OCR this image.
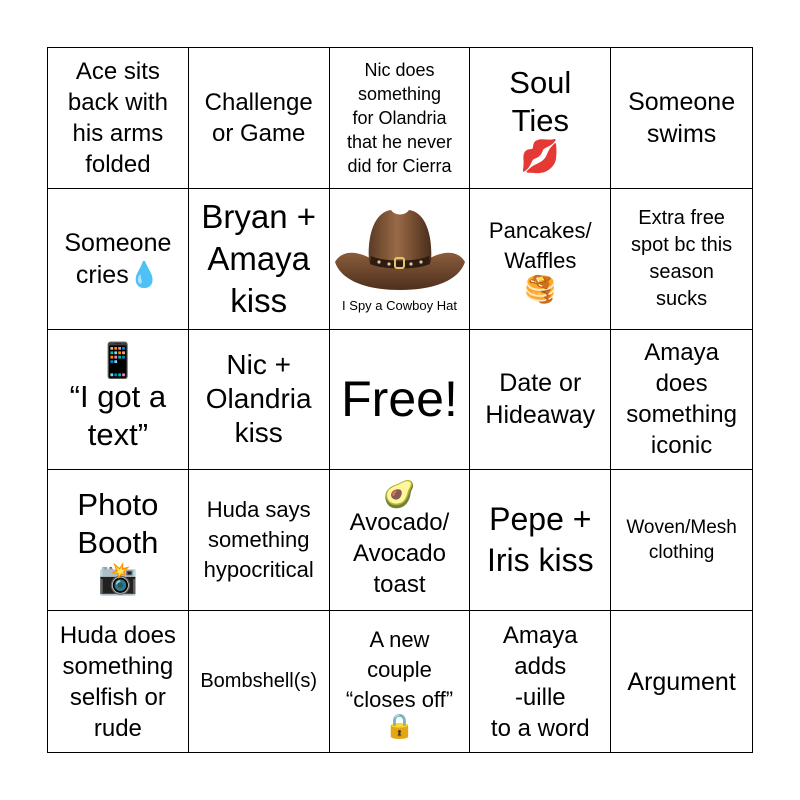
Ace sits
back with
his arms
folded
Challenge
or Game
Nic does
something
for Olandria
that he never
did for Cierra
Soul
Ties
💋
Someone
swims
Someone
cries💧
Bryan +
Amaya
kiss	I Spy a Cowboy Hat
Pancakes/
Waffles
🥞
Extra free
spot bc this
season
sucks
📱
“I got a
text”
Nic +
Olandria
kiss
Free!	Date or
Hideaway
Amaya
does
something
iconic
Photo
Booth
📸
Huda says
something
hypocritical
🥑
Avocado/
Avocado
toast
Pepe +
Iris kiss
Woven/Mesh
clothing
Huda does
something
selfish or
rude
Bombshell(s)
A new
couple
“closes off”
🔒
Amaya
adds
-uille
to a word
Argument
